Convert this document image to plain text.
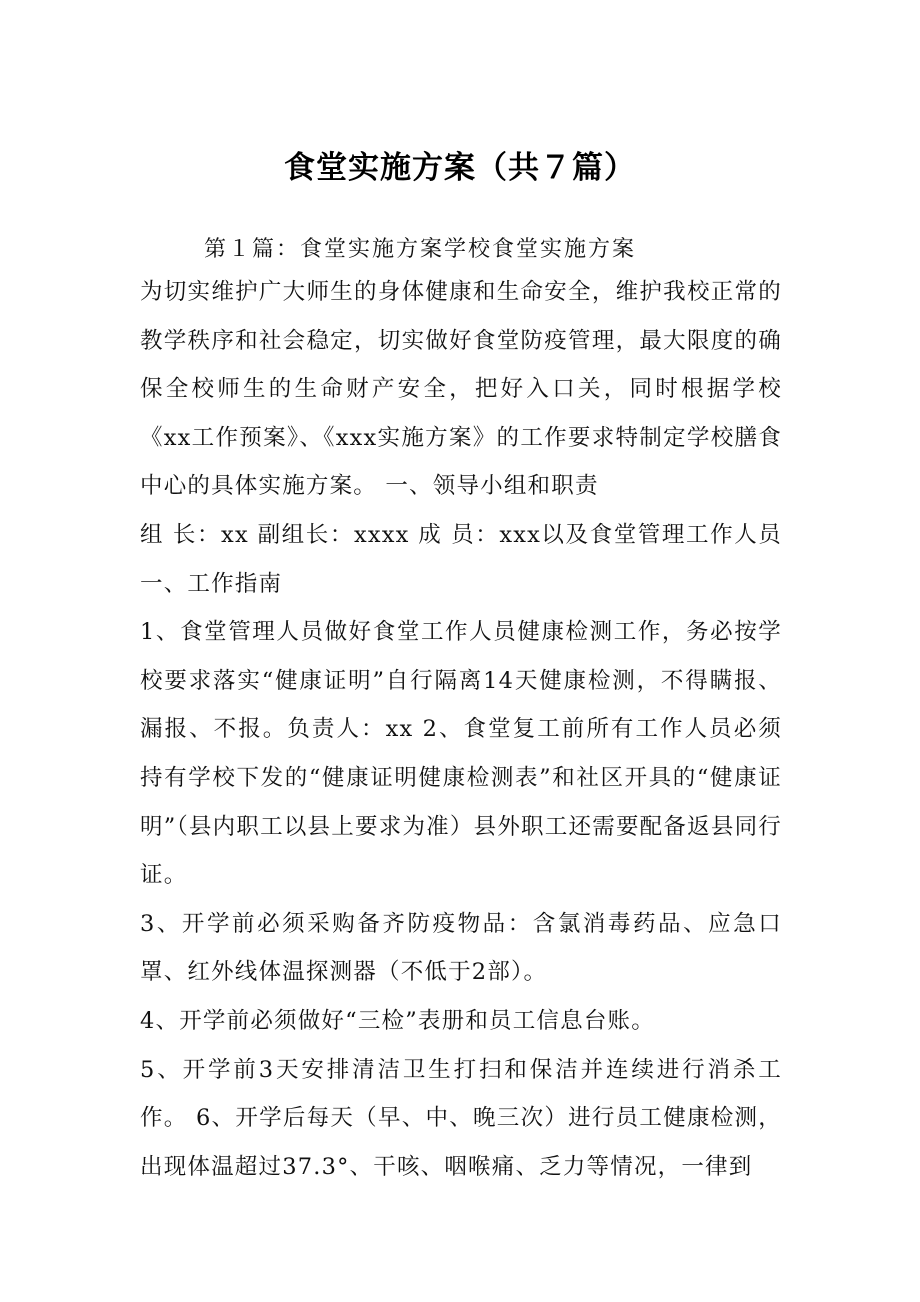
食堂实施方案（共７篇）
第１篇：食堂实施方案学校食堂实施方案

为切实维护广大师生的身体健康和生命安全，维护我校正常的教学秩序和社会稳定，切实做好食堂防疫管理，最大限度的确保全校师生的生命财产安全，把好入口关，同时根据学校《xx工作预案》、《xxx实施方案》的工作要求特制定学校膳食中心的具体实施方案。 一、领导小组和职责

组 长：xx 副组长：xxxx 成 员：xxx以及食堂管理工作人员 一、工作指南

1、食堂管理人员做好食堂工作人员健康检测工作，务必按学校要求落实“健康证明”自行隔离14天健康检测，不得瞒报、漏报、不报。负责人：xx 2、食堂复工前所有工作人员必须持有学校下发的“健康证明健康检测表”和社区开具的“健康证明”（县内职工以县上要求为准）县外职工还需要配备返县同行证。

3、开学前必须采购备齐防疫物品：含氯消毒药品、应急口罩、红外线体温探测器（不低于2部）。

4、开学前必须做好“三检”表册和员工信息台账。

5、开学前3天安排清洁卫生打扫和保洁并连续进行消杀工作。 6、开学后每天（早、中、晚三次）进行员工健康检测，出现体温超过37.3°、干咳、咽喉痛、乏力等情况，一律到
